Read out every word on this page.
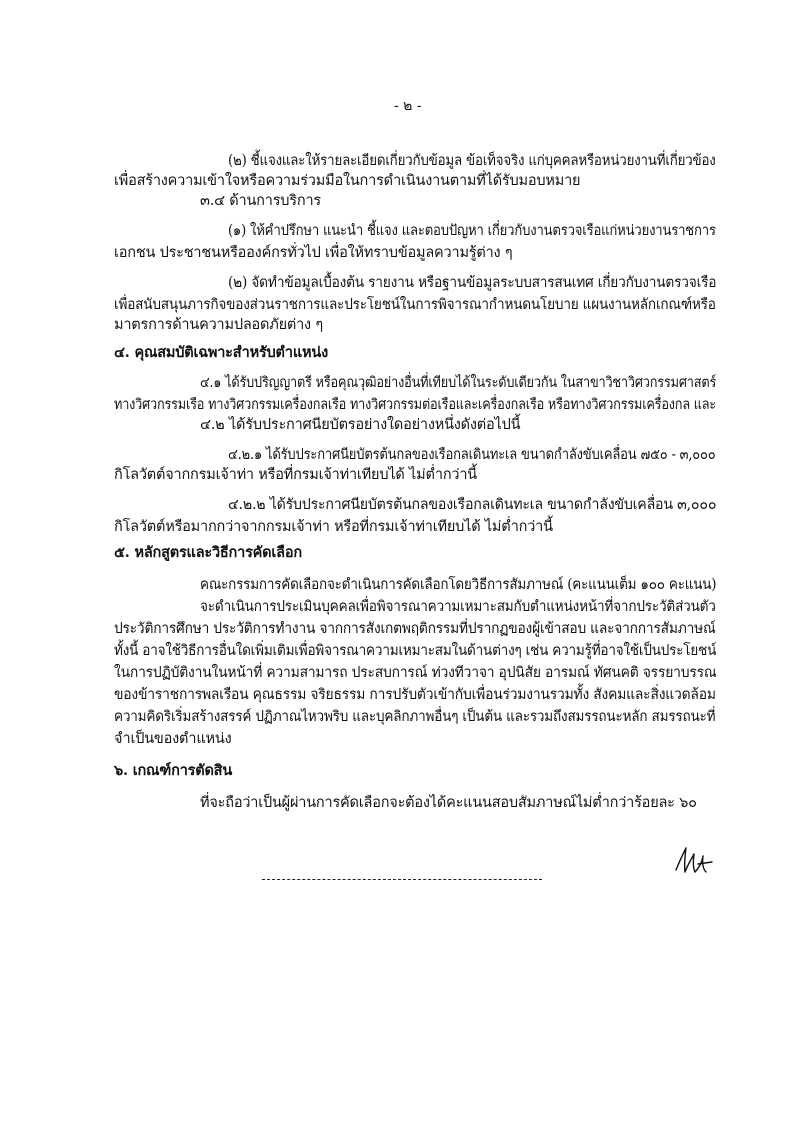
- ๒ -
(๒) ชี้แจงและให้รายละเอียดเกี่ยวกับข้อมูล ข้อเท็จจริง แก่บุคคลหรือหน่วยงานที่เกี่ยวข้อง
เพื่อสร้างความเข้าใจหรือความร่วมมือในการดำเนินงานตามที่ได้รับมอบหมาย
๓.๔ ด้านการบริการ
(๑) ให้คำปรึกษา แนะนำ ชี้แจง และตอบปัญหา เกี่ยวกับงานตรวจเรือแก่หน่วยงานราชการ
เอกชน ประชาชนหรือองค์กรทั่วไป เพื่อให้ทราบข้อมูลความรู้ต่าง ๆ
(๒) จัดทำข้อมูลเบื้องต้น รายงาน หรือฐานข้อมูลระบบสารสนเทศ เกี่ยวกับงานตรวจเรือ
เพื่อสนับสนุนภารกิจของส่วนราชการและประโยชน์ในการพิจารณากำหนดนโยบาย แผนงานหลักเกณฑ์หรือ
มาตรการด้านความปลอดภัยต่าง ๆ
๔. คุณสมบัติเฉพาะสำหรับตำแหน่ง
๔.๑ ได้รับปริญญาตรี หรือคุณวุฒิอย่างอื่นที่เทียบได้ในระดับเดียวกัน ในสาขาวิชาวิศวกรรมศาสตร์
ทางวิศวกรรมเรือ ทางวิศวกรรมเครื่องกลเรือ ทางวิศวกรรมต่อเรือและเครื่องกลเรือ หรือทางวิศวกรรมเครื่องกล และ
๔.๒ ได้รับประกาศนียบัตรอย่างใดอย่างหนึ่งดังต่อไปนี้
๔.๒.๑ ได้รับประกาศนียบัตรต้นกลของเรือกลเดินทะเล ขนาดกำลังขับเคลื่อน ๗๕๐ - ๓,๐๐๐
กิโลวัตต์จากกรมเจ้าท่า หรือที่กรมเจ้าท่าเทียบได้ ไม่ต่ำกว่านี้
๔.๒.๒ ได้รับประกาศนียบัตรต้นกลของเรือกลเดินทะเล ขนาดกำลังขับเคลื่อน ๓,๐๐๐
กิโลวัตต์หรือมากกว่าจากกรมเจ้าท่า หรือที่กรมเจ้าท่าเทียบได้ ไม่ต่ำกว่านี้
๕. หลักสูตรและวิธีการคัดเลือก
คณะกรรมการคัดเลือกจะดำเนินการคัดเลือกโดยวิธีการสัมภาษณ์ (คะแนนเต็ม ๑๐๐ คะแนน)
จะดำเนินการประเมินบุคคลเพื่อพิจารณาความเหมาะสมกับตำแหน่งหน้าที่จากประวัติส่วนตัว
ประวัติการศึกษา ประวัติการทำงาน จากการสังเกตพฤติกรรมที่ปรากฏของผู้เข้าสอบ และจากการสัมภาษณ์
ทั้งนี้ อาจใช้วิธีการอื่นใดเพิ่มเติมเพื่อพิจารณาความเหมาะสมในด้านต่างๆ เช่น ความรู้ที่อาจใช้เป็นประโยชน์
ในการปฏิบัติงานในหน้าที่ ความสามารถ ประสบการณ์ ท่วงทีวาจา อุปนิสัย อารมณ์ ทัศนคติ จรรยาบรรณ
ของข้าราชการพลเรือน คุณธรรม จริยธรรม การปรับตัวเข้ากับเพื่อนร่วมงานรวมทั้ง สังคมและสิ่งแวดล้อม
ความคิดริเริ่มสร้างสรรค์ ปฏิภาณไหวพริบ และบุคลิกภาพอื่นๆ เป็นต้น และรวมถึงสมรรถนะหลัก สมรรถนะที่
จำเป็นของตำแหน่ง
๖. เกณฑ์การตัดสิน
ที่จะถือว่าเป็นผู้ผ่านการคัดเลือกจะต้องได้คะแนนสอบสัมภาษณ์ไม่ต่ำกว่าร้อยละ ๖๐
